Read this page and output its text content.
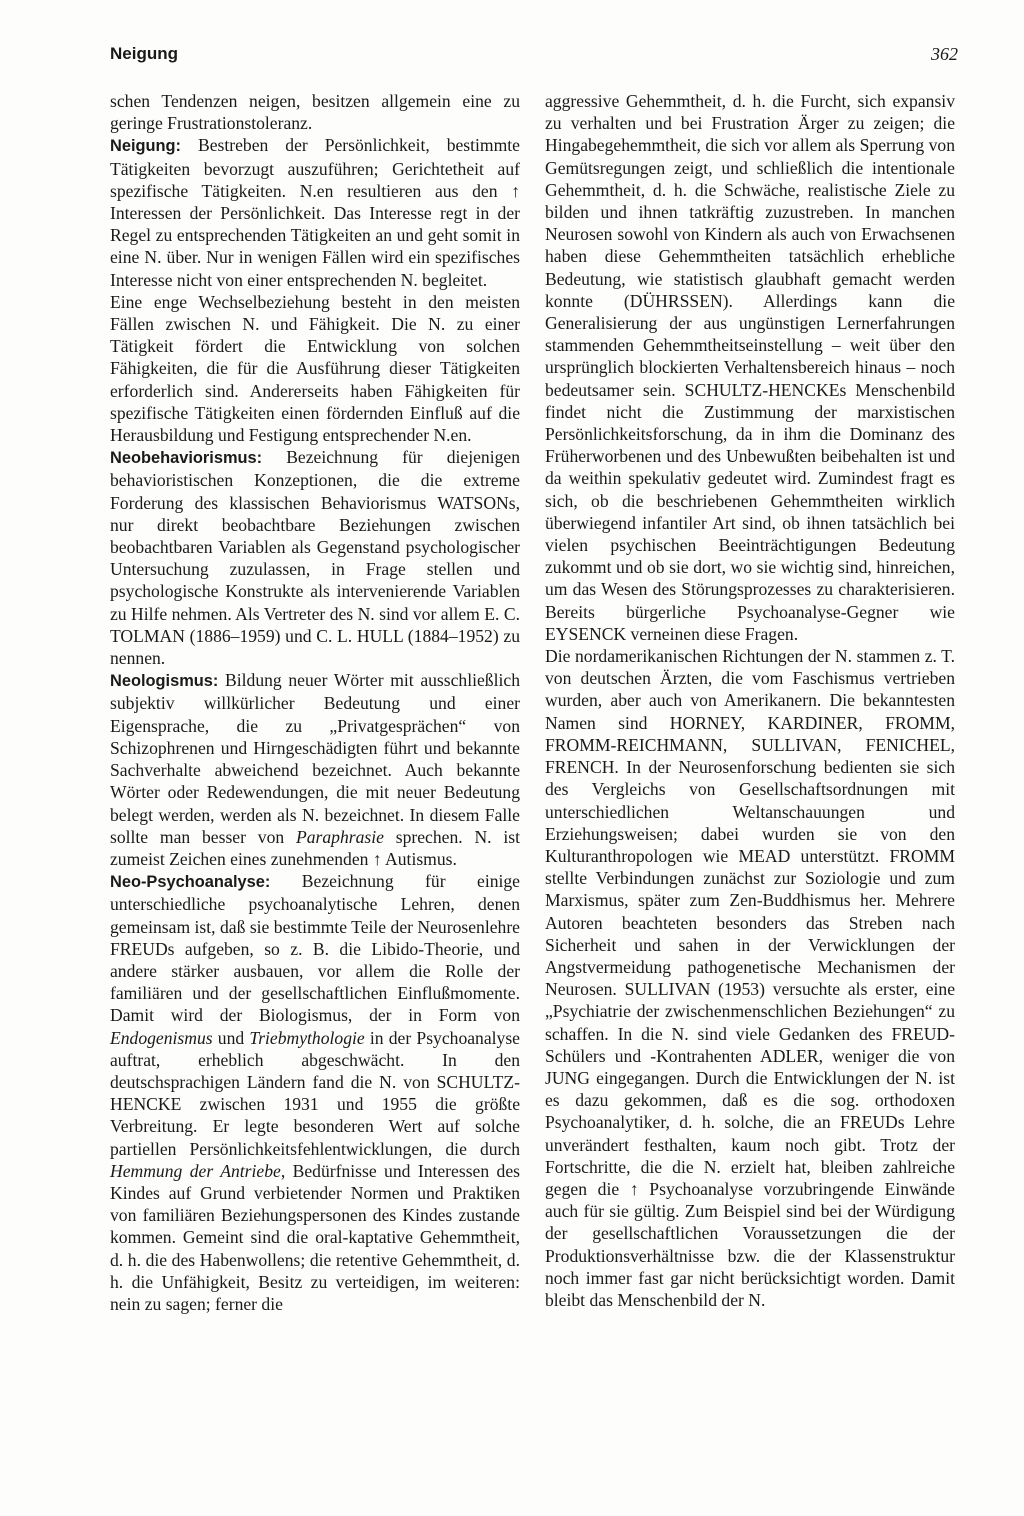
Neigung	362

schen Tendenzen neigen, besitzen allgemein eine zu geringe Frustrationstoleranz.

Neigung: Bestreben der Persönlichkeit, bestimmte Tätigkeiten bevorzugt auszuführen; Gerichtetheit auf spezifische Tätigkeiten. N.en resultieren aus den ↑ Interessen der Persönlichkeit. Das Interesse regt in der Regel zu entsprechenden Tätigkeiten an und geht somit in eine N. über. Nur in wenigen Fällen wird ein spezifisches Interesse nicht von einer entsprechenden N. begleitet.

Eine enge Wechselbeziehung besteht in den meisten Fällen zwischen N. und Fähigkeit. Die N. zu einer Tätigkeit fördert die Entwicklung von solchen Fähigkeiten, die für die Ausführung dieser Tätigkeiten erforderlich sind. Andererseits haben Fähigkeiten für spezifische Tätigkeiten einen fördernden Einfluß auf die Herausbildung und Festigung entsprechender N.en.

Neobehaviorismus: Bezeichnung für diejenigen behavioristischen Konzeptionen, die die extreme Forderung des klassischen Behaviorismus WATSONs, nur direkt beobachtbare Beziehungen zwischen beobachtbaren Variablen als Gegenstand psychologischer Untersuchung zuzulassen, in Frage stellen und psychologische Konstrukte als intervenierende Variablen zu Hilfe nehmen. Als Vertreter des N. sind vor allem E. C. TOLMAN (1886–1959) und C. L. HULL (1884–1952) zu nennen.

Neologismus: Bildung neuer Wörter mit ausschließlich subjektiv willkürlicher Bedeutung und einer Eigensprache, die zu „Privatgesprächen“ von Schizophrenen und Hirngeschädigten führt und bekannte Sachverhalte abweichend bezeichnet. Auch bekannte Wörter oder Redewendungen, die mit neuer Bedeutung belegt werden, werden als N. bezeichnet. In diesem Falle sollte man besser von Paraphrasie sprechen. N. ist zumeist Zeichen eines zunehmenden ↑ Autismus.

Neo-Psychoanalyse: Bezeichnung für einige unterschiedliche psychoanalytische Lehren, denen gemeinsam ist, daß sie bestimmte Teile der Neurosenlehre FREUDs aufgeben, so z. B. die Libido-Theorie, und andere stärker ausbauen, vor allem die Rolle der familiären und der gesellschaftlichen Einflußmomente. Damit wird der Biologismus, der in Form von Endogenismus und Triebmythologie in der Psychoanalyse auftrat, erheblich abgeschwächt. In den deutschsprachigen Ländern fand die N. von SCHULTZ-HENCKE zwischen 1931 und 1955 die größte Verbreitung. Er legte besonderen Wert auf solche partiellen Persönlichkeitsfehlentwicklungen, die durch Hemmung der Antriebe, Bedürfnisse und Interessen des Kindes auf Grund verbietender Normen und Praktiken von familiären Beziehungspersonen des Kindes zustande kommen. Gemeint sind die oral-kaptative Gehemmtheit, d. h. die des Habenwollens; die retentive Gehemmtheit, d. h. die Unfähigkeit, Besitz zu verteidigen, im weiteren: nein zu sagen; ferner die

aggressive Gehemmtheit, d. h. die Furcht, sich expansiv zu verhalten und bei Frustration Ärger zu zeigen; die Hingabegehemmtheit, die sich vor allem als Sperrung von Gemütsregungen zeigt, und schließlich die intentionale Gehemmtheit, d. h. die Schwäche, realistische Ziele zu bilden und ihnen tatkräftig zuzustreben. In manchen Neurosen sowohl von Kindern als auch von Erwachsenen haben diese Gehemmtheiten tatsächlich erhebliche Bedeutung, wie statistisch glaubhaft gemacht werden konnte (DÜHRSSEN). Allerdings kann die Generalisierung der aus ungünstigen Lernerfahrungen stammenden Gehemmtheitseinstellung – weit über den ursprünglich blockierten Verhaltensbereich hinaus – noch bedeutsamer sein. SCHULTZ-HENCKEs Menschenbild findet nicht die Zustimmung der marxistischen Persönlichkeitsforschung, da in ihm die Dominanz des Früherworbenen und des Unbewußten beibehalten ist und da weithin spekulativ gedeutet wird. Zumindest fragt es sich, ob die beschriebenen Gehemmtheiten wirklich überwiegend infantiler Art sind, ob ihnen tatsächlich bei vielen psychischen Beeinträchtigungen Bedeutung zukommt und ob sie dort, wo sie wichtig sind, hinreichen, um das Wesen des Störungsprozesses zu charakterisieren. Bereits bürgerliche Psychoanalyse-Gegner wie EYSENCK verneinen diese Fragen.

Die nordamerikanischen Richtungen der N. stammen z. T. von deutschen Ärzten, die vom Faschismus vertrieben wurden, aber auch von Amerikanern. Die bekanntesten Namen sind HORNEY, KARDINER, FROMM, FROMM-REICHMANN, SULLIVAN, FENICHEL, FRENCH. In der Neurosenforschung bedienten sie sich des Vergleichs von Gesellschaftsordnungen mit unterschiedlichen Weltanschauungen und Erziehungsweisen; dabei wurden sie von den Kulturanthropologen wie MEAD unterstützt. FROMM stellte Verbindungen zunächst zur Soziologie und zum Marxismus, später zum Zen-Buddhismus her. Mehrere Autoren beachteten besonders das Streben nach Sicherheit und sahen in der Verwicklungen der Angstvermeidung pathogenetische Mechanismen der Neurosen. SULLIVAN (1953) versuchte als erster, eine „Psychiatrie der zwischenmenschlichen Beziehungen“ zu schaffen. In die N. sind viele Gedanken des FREUD-Schülers und -Kontrahenten ADLER, weniger die von JUNG eingegangen. Durch die Entwicklungen der N. ist es dazu gekommen, daß es die sog. orthodoxen Psychoanalytiker, d. h. solche, die an FREUDs Lehre unverändert festhalten, kaum noch gibt. Trotz der Fortschritte, die die N. erzielt hat, bleiben zahlreiche gegen die ↑ Psychoanalyse vorzubringende Einwände auch für sie gültig. Zum Beispiel sind bei der Würdigung der gesellschaftlichen Voraussetzungen die der Produktionsverhältnisse bzw. die der Klassenstruktur noch immer fast gar nicht berücksichtigt worden. Damit bleibt das Menschenbild der N.
